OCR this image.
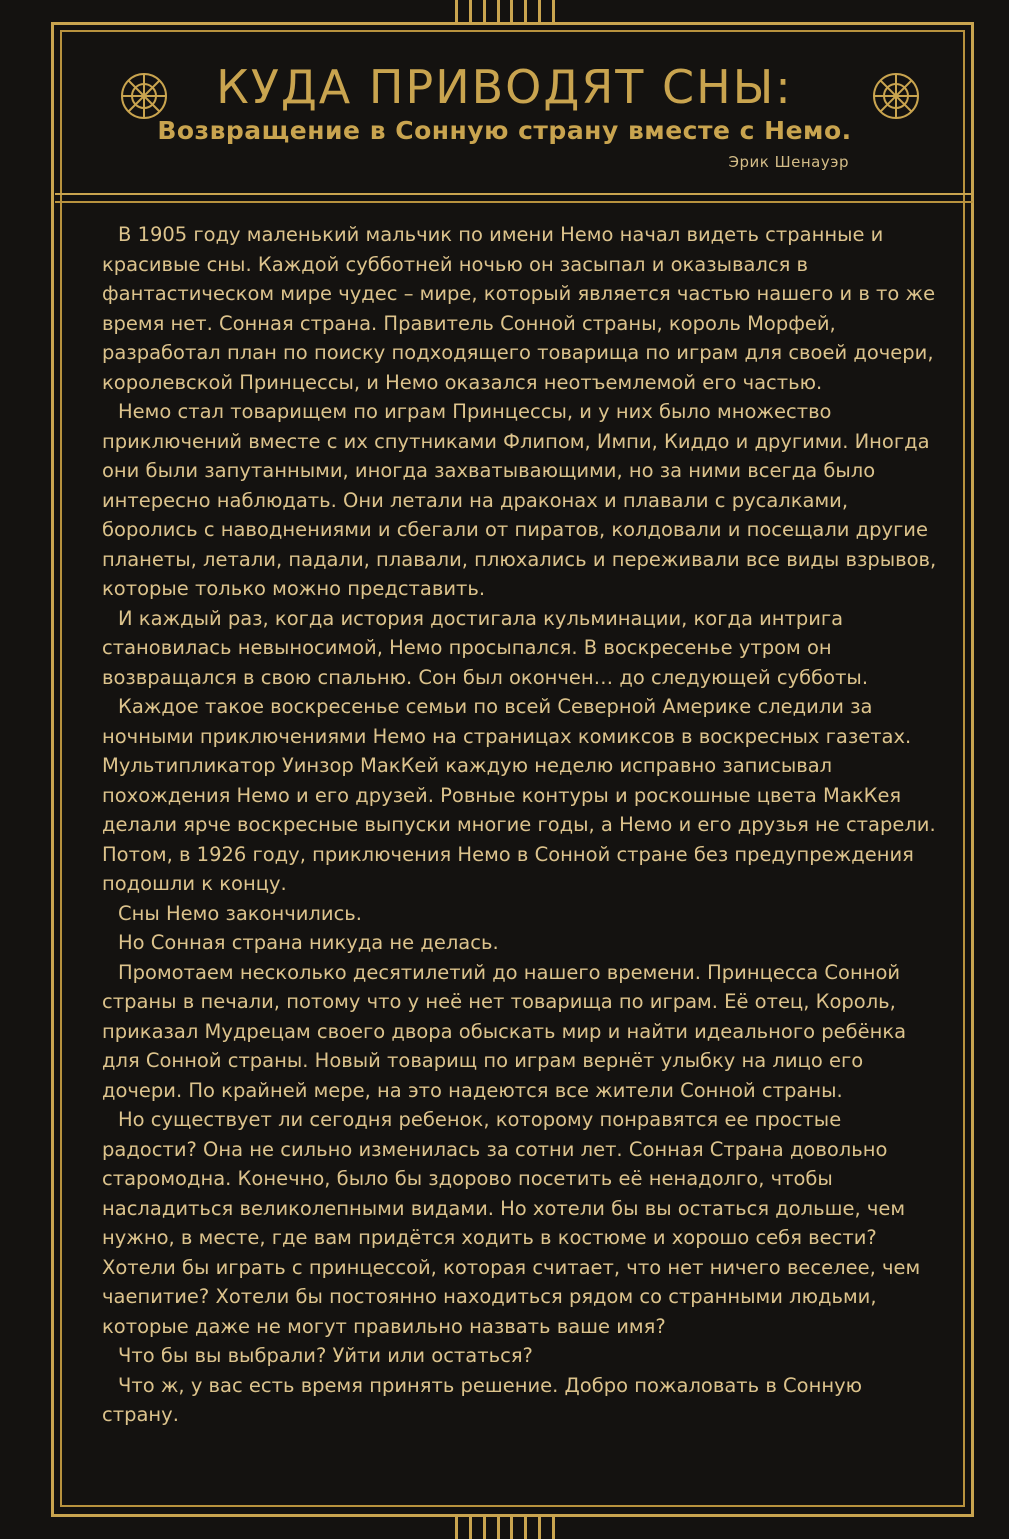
КУДА ПРИВОДЯТ СНЫ:
Возвращение в Сонную страну вместе с Немо.
Эрик Шенауэр

В 1905 году маленький мальчик по имени Немо начал видеть странные и красивые сны. Каждой субботней ночью он засыпал и оказывался в фантастическом мире чудес – мире, который является частью нашего и в то же время нет. Сонная страна. Правитель Сонной страны, король Морфей, разработал план по поиску подходящего товарища по играм для своей дочери, королевской Принцессы, и Немо оказался неотъемлемой его частью.

Немо стал товарищем по играм Принцессы, и у них было множество приключений вместе с их спутниками Флипом, Импи, Киддо и другими. Иногда они были запутанными, иногда захватывающими, но за ними всегда было интересно наблюдать. Они летали на драконах и плавали с русалками, боролись с наводнениями и сбегали от пиратов, колдовали и посещали другие планеты, летали, падали, плавали, плюхались и переживали все виды взрывов, которые только можно представить.

И каждый раз, когда история достигала кульминации, когда интрига становилась невыносимой, Немо просыпался. В воскресенье утром он возвращался в свою спальню. Сон был окончен… до следующей субботы.

Каждое такое воскресенье семьи по всей Северной Америке следили за ночными приключениями Немо на страницах комиксов в воскресных газетах. Мультипликатор Уинзор МакКей каждую неделю исправно записывал похождения Немо и его друзей. Ровные контуры и роскошные цвета МакКея делали ярче воскресные выпуски многие годы, а Немо и его друзья не старели. Потом, в 1926 году, приключения Немо в Сонной стране без предупреждения подошли к концу.

Сны Немо закончились.

Но Сонная страна никуда не делась.

Промотаем несколько десятилетий до нашего времени. Принцесса Сонной страны в печали, потому что у неё нет товарища по играм. Её отец, Король, приказал Мудрецам своего двора обыскать мир и найти идеального ребёнка для Сонной страны. Новый товарищ по играм вернёт улыбку на лицо его дочери. По крайней мере, на это надеются все жители Сонной страны.

Но существует ли сегодня ребенок, которому понравятся ее простые радости? Она не сильно изменилась за сотни лет. Сонная Страна довольно старомодна. Конечно, было бы здорово посетить её ненадолго, чтобы насладиться великолепными видами. Но хотели бы вы остаться дольше, чем нужно, в месте, где вам придётся ходить в костюме и хорошо себя вести? Хотели бы играть с принцессой, которая считает, что нет ничего веселее, чем чаепитие? Хотели бы постоянно находиться рядом со странными людьми, которые даже не могут правильно назвать ваше имя?

Что бы вы выбрали? Уйти или остаться?

Что ж, у вас есть время принять решение. Добро пожаловать в Сонную страну.
